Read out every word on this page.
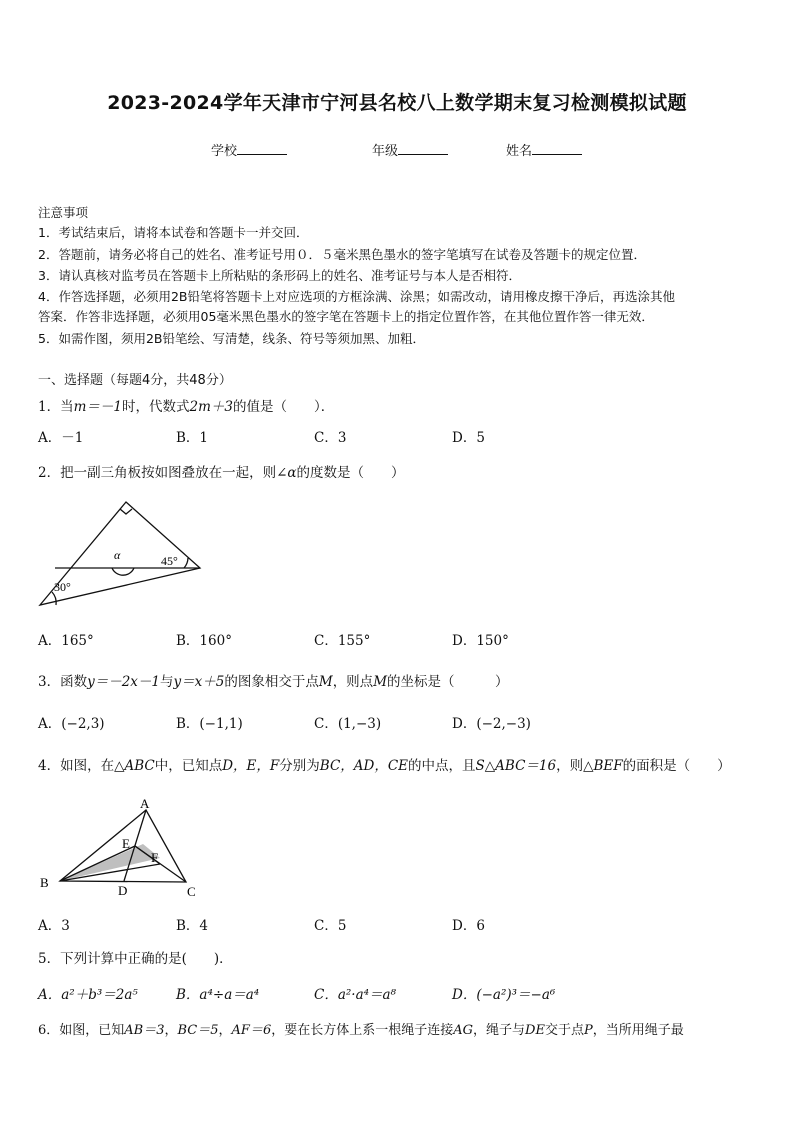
2023-2024学年天津市宁河县名校八上数学期末复习检测模拟试题
学校	年级	姓名
注意事项
1．考试结束后，请将本试卷和答题卡一并交回．
2．答题前，请务必将自己的姓名、准考证号用０．５毫米黑色墨水的签字笔填写在试卷及答题卡的规定位置．
3．请认真核对监考员在答题卡上所粘贴的条形码上的姓名、准考证号与本人是否相符．
4．作答选择题，必须用2B铅笔将答题卡上对应选项的方框涂满、涂黑；如需改动，请用橡皮擦干净后，再选涂其他
答案．作答非选择题，必须用05毫米黑色墨水的签字笔在答题卡上的指定位置作答，在其他位置作答一律无效．
5．如需作图，须用2B铅笔绘、写清楚，线条、符号等须加黑、加粗．
一、选择题（每题4分，共48分）
1．当m＝－1时，代数式2m＋3的值是（　　）．
A．－1	B．1	C．3	D．5
2．把一副三角板按如图叠放在一起，则∠α的度数是（　　）
α	45°
30°
A．165°	B．160°	C．155°	D．150°
3．函数y＝－2x－1与y＝x＋5的图象相交于点M，则点M的坐标是（　　　）
A．(−2,3)	B．(−1,1)	C．(1,−3)	D．(−2,−3)
4．如图，在△ABC中，已知点D，E，F分别为BC，AD，CE的中点，且S△ABC＝16，则△BEF的面积是（　　）
A
B
C
D
E
F
A．3	B．4	C．5	D．6
5．下列计算中正确的是(　　)．
A．a²＋b³＝2a⁵	B．a⁴÷a＝a⁴	C．a²·a⁴＝a⁸	D．(−a²)³＝−a⁶
6．如图，已知AB＝3，BC＝5，AF＝6，要在长方体上系一根绳子连接AG，绳子与DE交于点P，当所用绳子最
